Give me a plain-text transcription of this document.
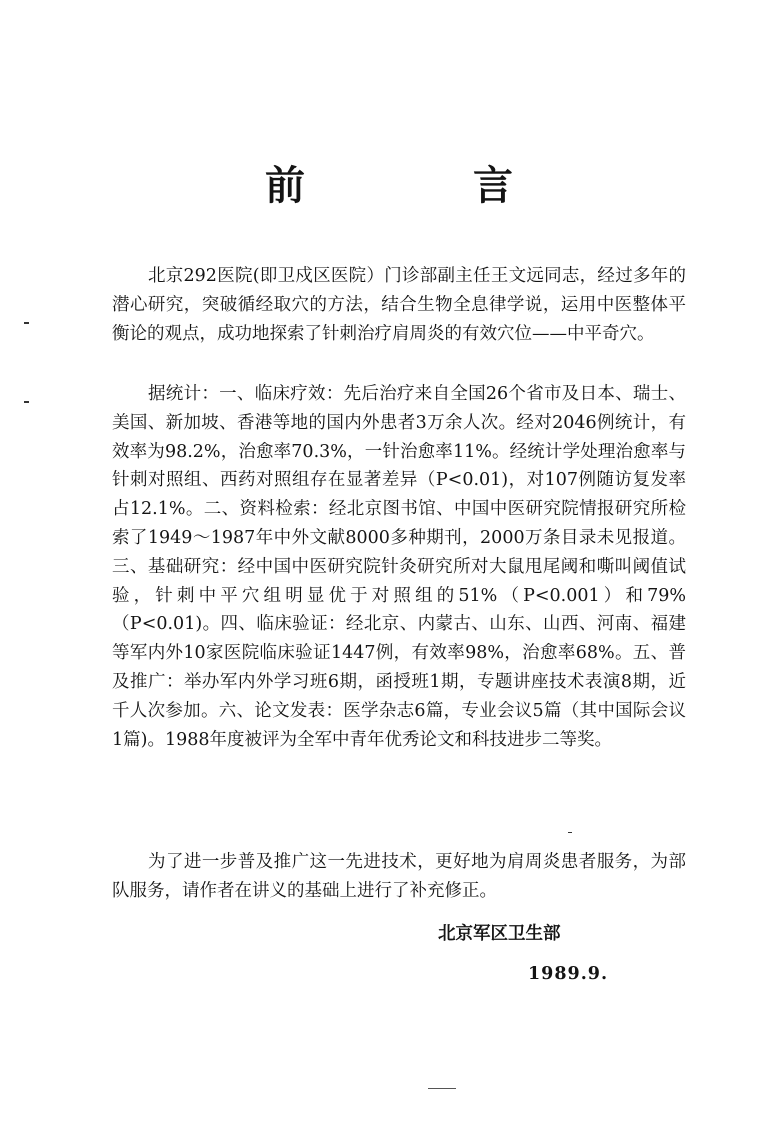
前　言

北京292医院(即卫戍区医院）门诊部副主任王文远同志，经过多年的潜心研究，突破循经取穴的方法，结合生物全息律学说，运用中医整体平衡论的观点，成功地探索了针刺治疗肩周炎的有效穴位——中平奇穴。

据统计：一、临床疗效：先后治疗来自全国26个省市及日本、瑞士、美国、新加坡、香港等地的国内外患者3万余人次。经对2046例统计，有效率为98.2%，治愈率70.3%，一针治愈率11%。经统计学处理治愈率与针刺对照组、西药对照组存在显著差异（P<0.01)，对107例随访复发率占12.1%。二、资料检索：经北京图书馆、中国中医研究院情报研究所检索了1949～1987年中外文献8000多种期刊，2000万条目录未见报道。三、基础研究：经中国中医研究院针灸研究所对大鼠甩尾阈和嘶叫阈值试验，针刺中平穴组明显优于对照组的51%（P<0.001）和79%（P<0.01)。四、临床验证：经北京、内蒙古、山东、山西、河南、福建等军内外10家医院临床验证1447例，有效率98%，治愈率68%。五、普及推广：举办军内外学习班6期，函授班1期，专题讲座技术表演8期，近千人次参加。六、论文发表：医学杂志6篇，专业会议5篇（其中国际会议1篇)。1988年度被评为全军中青年优秀论文和科技进步二等奖。

为了进一步普及推广这一先进技术，更好地为肩周炎患者服务，为部队服务，请作者在讲义的基础上进行了补充修正。

北京军区卫生部
1989.9.
